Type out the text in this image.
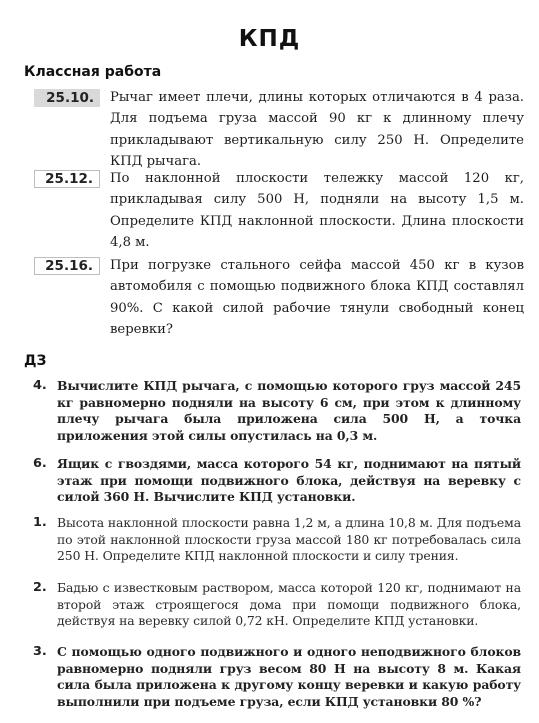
КПД
Классная работа
25.10.	Рычаг имеет плечи, длины которых отличаются в 4 раза. Для подъема груза массой 90 кг к длинному плечу прикладывают вертикальную силу 250 Н. Определите КПД рычага.
25.12.	По наклонной плоскости тележку массой 120 кг, прикладывая силу 500 Н, подняли на высоту 1,5 м. Определите КПД наклонной плоскости. Длина плоскости 4,8 м.
25.16.	При погрузке стального сейфа массой 450 кг в кузов автомобиля с помощью подвижного блока КПД составлял 90%. С какой силой рабочие тянули свободный конец веревки?
ДЗ
4. Вычислите КПД рычага, с помощью которого груз массой 245 кг равномерно подняли на высоту 6 см, при этом к длинному плечу рычага была приложена сила 500 Н, а точка приложения этой силы опустилась на 0,3 м.
6. Ящик с гвоздями, масса которого 54 кг, поднимают на пятый этаж при помощи подвижного блока, действуя на веревку с силой 360 Н. Вычислите КПД установки.
1. Высота наклонной плоскости равна 1,2 м, а длина 10,8 м. Для подъема по этой наклонной плоскости груза массой 180 кг потребовалась сила 250 Н. Определите КПД наклонной плоскости и силу трения.
2. Бадью с известковым раствором, масса которой 120 кг, поднимают на второй этаж строящегося дома при помощи подвижного блока, действуя на веревку силой 0,72 кН. Определите КПД установки.
3. С помощью одного подвижного и одного неподвижного блоков равномерно подняли груз весом 80 Н на высоту 8 м. Какая сила была приложена к другому концу веревки и какую работу выполнили при подъеме груза, если КПД установки 80 %?
